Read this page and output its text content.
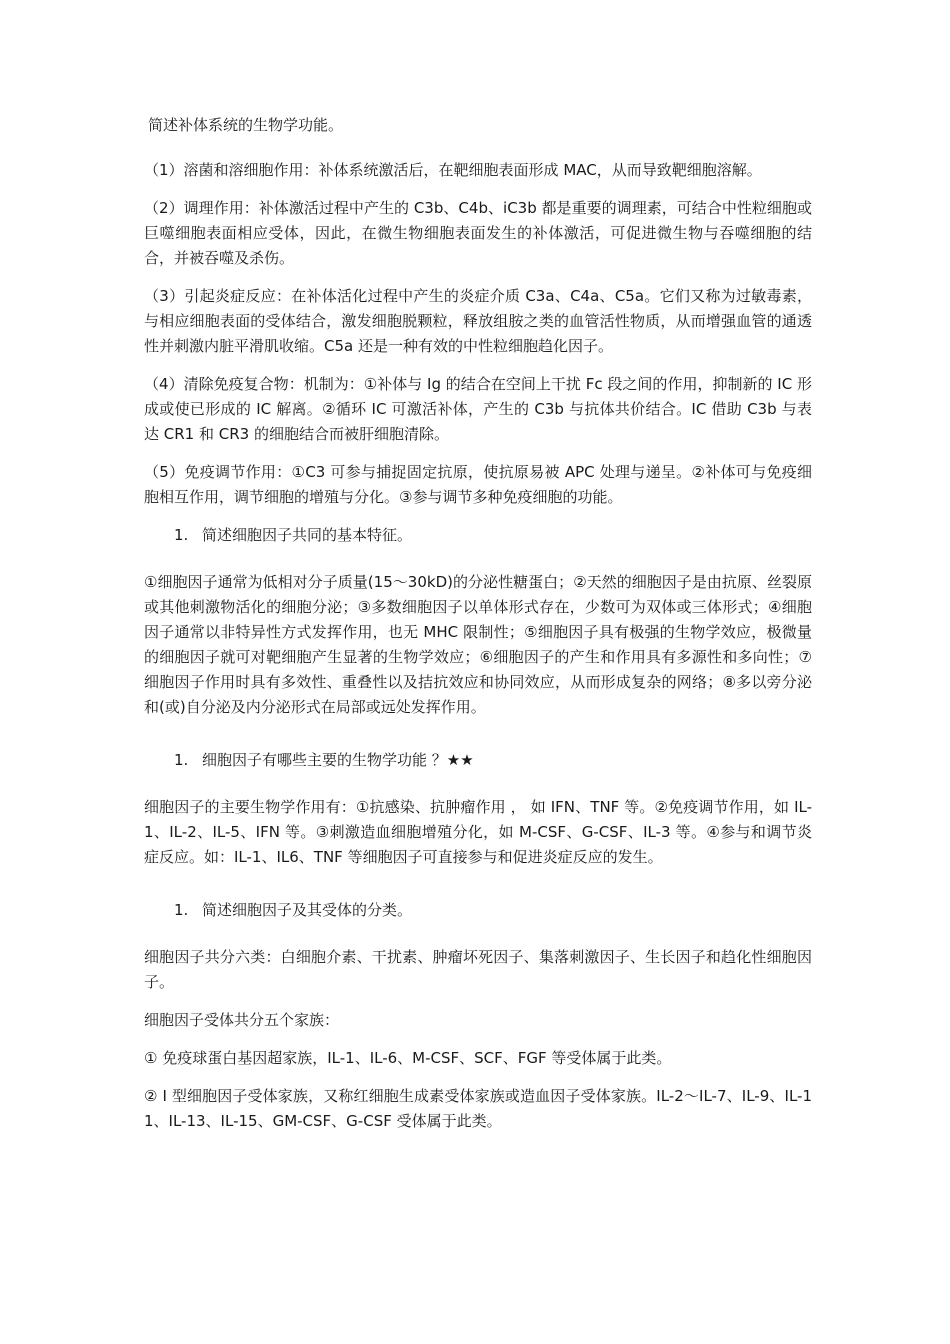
简述补体系统的生物学功能。

（1）溶菌和溶细胞作用：补体系统激活后，在靶细胞表面形成 MAC，从而导致靶细胞溶解。

（2）调理作用：补体激活过程中产生的 C3b、C4b、iC3b 都是重要的调理素，可结合中性粒细胞或巨噬细胞表面相应受体，因此，在微生物细胞表面发生的补体激活，可促进微生物与吞噬细胞的结合，并被吞噬及杀伤。

（3）引起炎症反应：在补体活化过程中产生的炎症介质 C3a、C4a、C5a。它们又称为过敏毒素，与相应细胞表面的受体结合，激发细胞脱颗粒，释放组胺之类的血管活性物质，从而增强血管的通透性并刺激内脏平滑肌收缩。C5a 还是一种有效的中性粒细胞趋化因子。

（4）清除免疫复合物：机制为：①补体与 Ig 的结合在空间上干扰 Fc 段之间的作用，抑制新的 IC 形成或使已形成的 IC 解离。②循环 IC 可激活补体，产生的 C3b 与抗体共价结合。IC 借助 C3b 与表达 CR1 和 CR3 的细胞结合而被肝细胞清除。

（5）免疫调节作用：①C3 可参与捕捉固定抗原，使抗原易被 APC 处理与递呈。②补体可与免疫细胞相互作用，调节细胞的增殖与分化。③参与调节多种免疫细胞的功能。

1. 简述细胞因子共同的基本特征。

①细胞因子通常为低相对分子质量(15～30kD)的分泌性糖蛋白；②天然的细胞因子是由抗原、丝裂原或其他刺激物活化的细胞分泌；③多数细胞因子以单体形式存在，少数可为双体或三体形式；④细胞因子通常以非特异性方式发挥作用，也无 MHC 限制性；⑤细胞因子具有极强的生物学效应，极微量的细胞因子就可对靶细胞产生显著的生物学效应；⑥细胞因子的产生和作用具有多源性和多向性；⑦细胞因子作用时具有多效性、重叠性以及拮抗效应和协同效应，从而形成复杂的网络；⑧多以旁分泌和(或)自分泌及内分泌形式在局部或远处发挥作用。

1. 细胞因子有哪些主要的生物学功能 ？★★

细胞因子的主要生物学作用有：①抗感染、抗肿瘤作用 ， 如 IFN、TNF 等。②免疫调节作用，如 IL-1、IL-2、IL-5、IFN 等。③刺激造血细胞增殖分化，如 M-CSF、G-CSF、IL-3 等。④参与和调节炎症反应。如：IL-1、IL6、TNF 等细胞因子可直接参与和促进炎症反应的发生。

1. 简述细胞因子及其受体的分类。

细胞因子共分六类：白细胞介素、干扰素、肿瘤坏死因子、集落刺激因子、生长因子和趋化性细胞因子。

细胞因子受体共分五个家族：

① 免疫球蛋白基因超家族，IL-1、IL-6、M-CSF、SCF、FGF 等受体属于此类。

② I 型细胞因子受体家族，又称红细胞生成素受体家族或造血因子受体家族。IL-2～IL-7、IL-9、IL-11、IL-13、IL-15、GM-CSF、G-CSF 受体属于此类。
